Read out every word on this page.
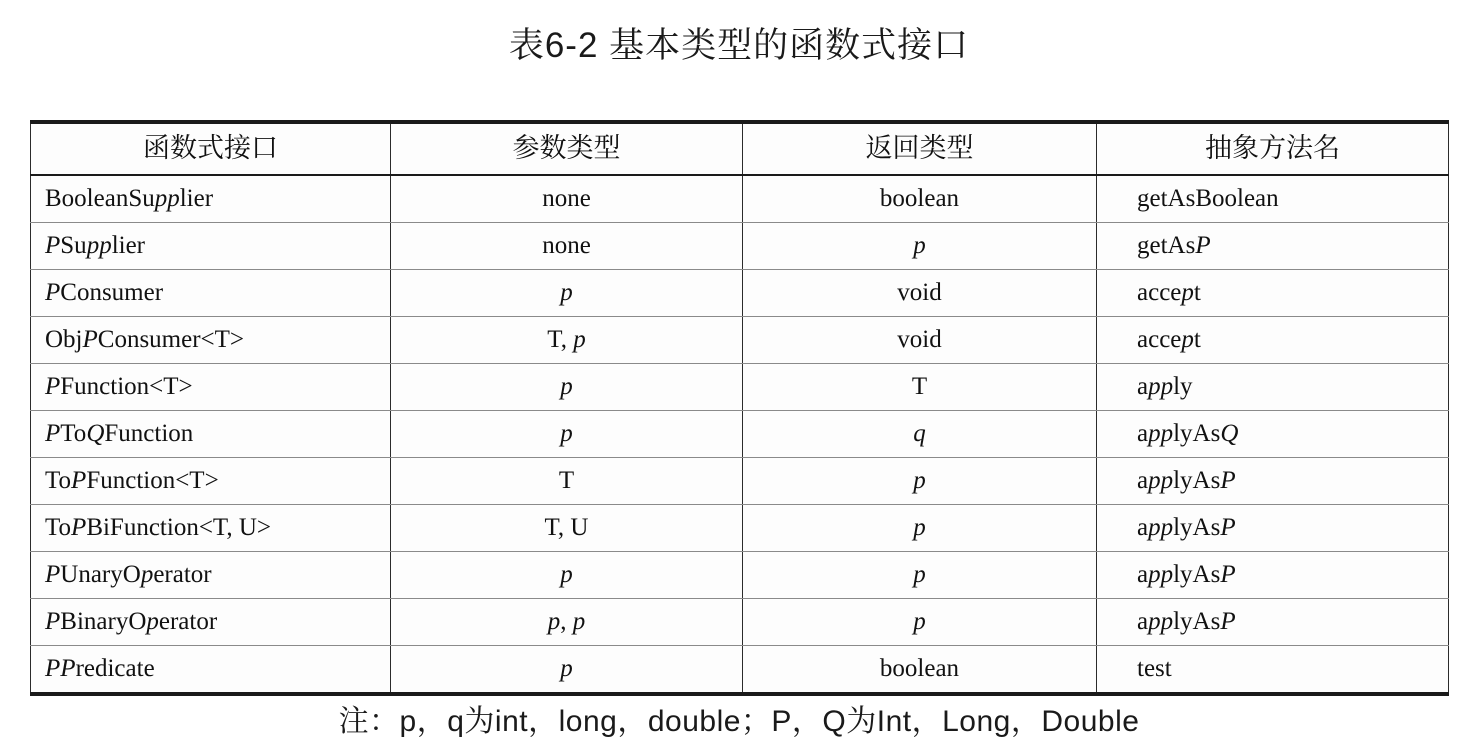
表6-2 基本类型的函数式接口
函数式接口	参数类型	返回类型	抽象方法名
BooleanSupplier	none	boolean	getAsBoolean
PSupplier	none	p	getAsP
PConsumer	p	void	accept
ObjPConsumer<T>	T, p	void	accept
PFunction<T>	p	T	apply
PToQFunction	p	q	applyAsQ
ToPFunction<T>	T	p	applyAsP
ToPBiFunction<T, U>	T, U	p	applyAsP
PUnaryOperator	p	p	applyAsP
PBinaryOperator	p, p	p	applyAsP
PPredicate	p	boolean	test
注：p，q为int，long，double；P，Q为Int，Long，Double
